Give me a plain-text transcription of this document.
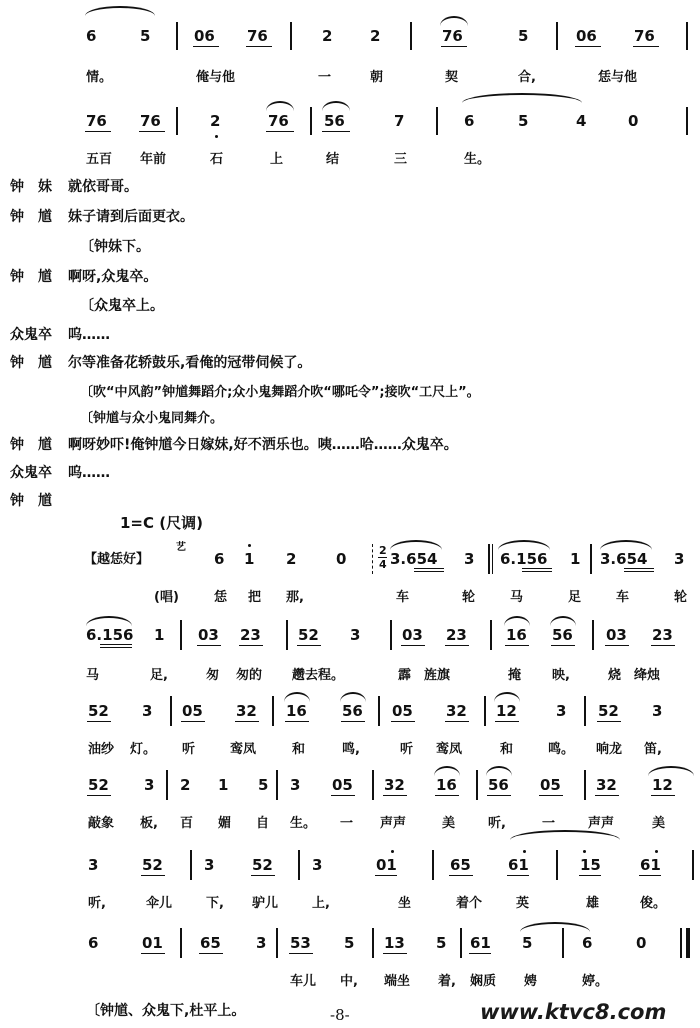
6	5	06 76	2	2	76	5	06 76
情。	俺与他	一	朝	契	合,	恁与他
76 76	2	76 56	7	6	5	4	0
五百 年前	石	上	结	三	生。
钟妹 就依哥哥。
钟馗 妹子请到后面更衣。
〔钟妹下。
钟馗 啊呀,众鬼卒。
〔众鬼卒上。
众鬼卒 呜……
钟馗 尔等准备花轿鼓乐,看俺的冠带伺候了。
〔吹“中风韵”钟馗舞蹈介;众小鬼舞蹈介吹“哪吒令”;接吹“工尺上”。
〔钟馗与众小鬼同舞介。
钟馗 啊呀妙吓!俺钟馗今日嫁妹,好不洒乐也。咦……哈……众鬼卒。
众鬼卒 呜……
钟馗
1=C (尺调)
【越恁好】
艺
6 1 2	0	2
4 3.654 3 6.156 1 3.654 3
(唱)	恁 把 那,	车	轮	马	足	车	轮
6.156 1 03 23 52 3	03 23	16 56 03 23
马	足,	匆 匆的 趱去程。	霹 旌旗	掩 映,	烧 绛烛
52 3 05 32 16 56 05 32 12	3 52 3
油纱 灯。 听	鸾凤	和	鸣,	听 鸾凤	和	鸣。 响龙 笛,
52 3 2 1 5 3 05 32 16 56 05 32 12
敲象 板, 百 媚 自 生。 一 声声	美	听,	一	声声	美
3	52	3	52	3	01	65 61	15	61
听,	伞儿	下, 驴儿	上,	坐	着个	英	雄	俊。
6	01 65 3 53 5 13 5 61 5	6	0
车儿 中, 端坐 着, 娴质 娉	婷。
〔钟馗、众鬼下,杜平上。	-8-	www.ktvc8.com
